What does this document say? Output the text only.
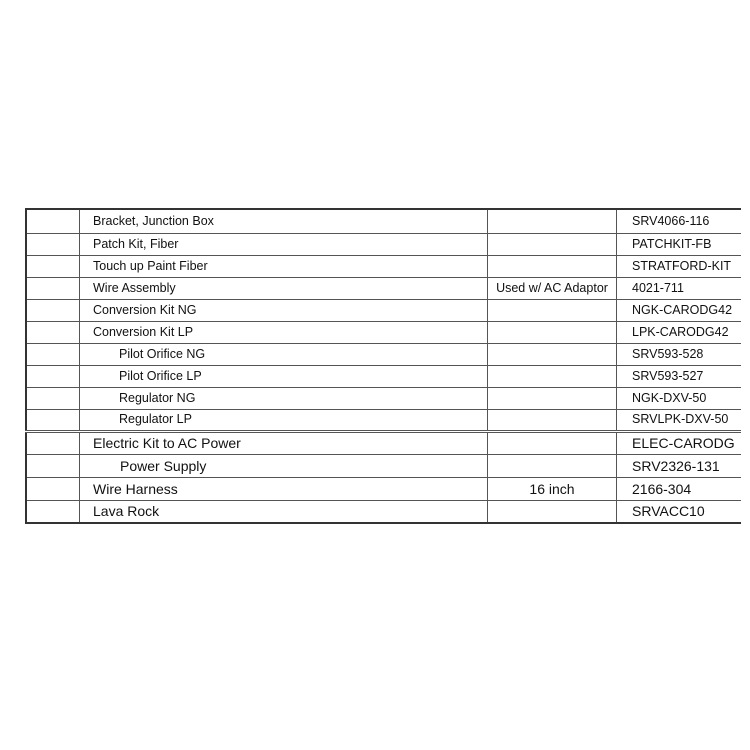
	Bracket, Junction Box		SRV4066-116
	Patch Kit, Fiber		PATCHKIT-FB
	Touch up Paint Fiber		STRATFORD-KIT
	Wire Assembly	Used w/ AC Adaptor	4021-711
	Conversion Kit NG		NGK-CARODG42
	Conversion Kit LP		LPK-CARODG42
	Pilot Orifice NG		SRV593-528
	Pilot Orifice LP		SRV593-527
	Regulator NG		NGK-DXV-50
	Regulator LP		SRVLPK-DXV-50
	Electric Kit to AC Power		ELEC-CARODG
	Power Supply		SRV2326-131
	Wire Harness	16 inch	2166-304
	Lava Rock		SRVACC10
